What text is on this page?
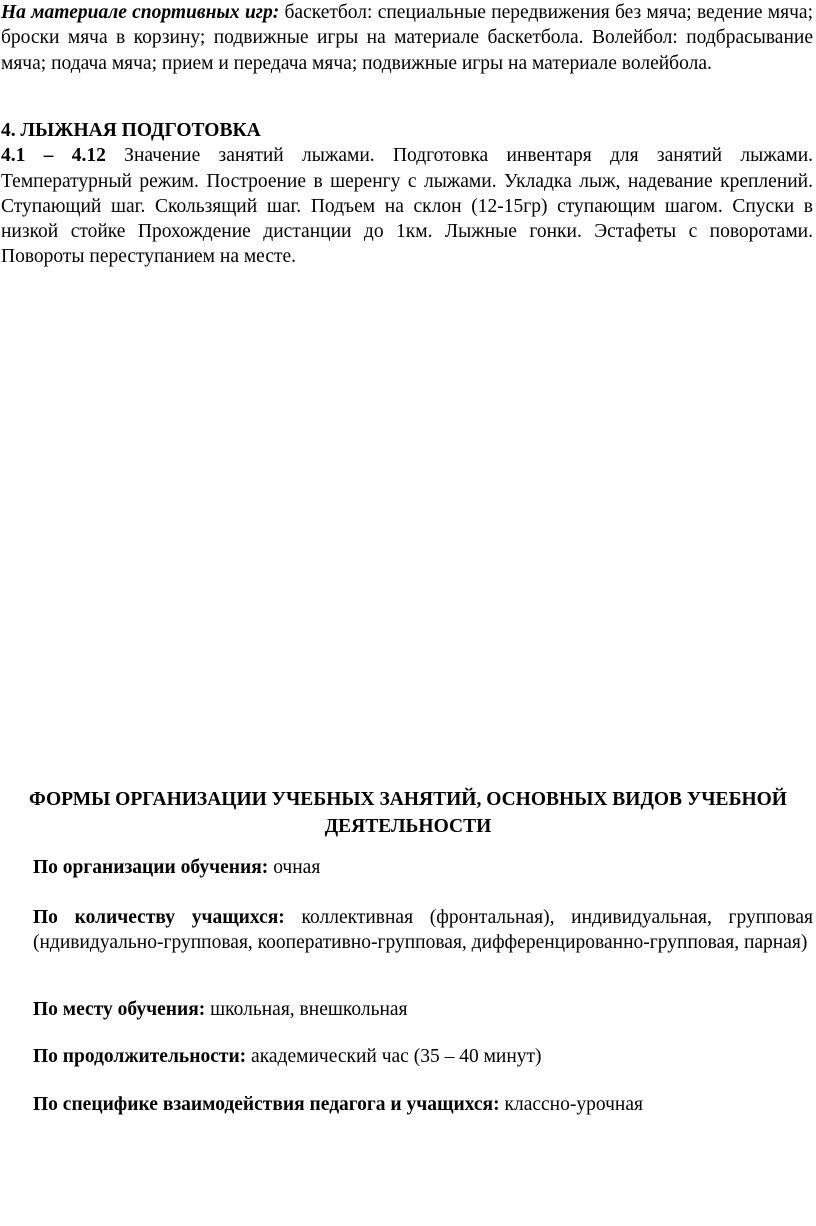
На материале спортивных игр: баскетбол: специальные передвижения без мяча; ведение мяча; броски мяча в корзину; подвижные игры на материале баскетбола. Волейбол: подбрасывание мяча; подача мяча; прием и передача мяча; подвижные игры на материале волейбола.

4. ЛЫЖНАЯ ПОДГОТОВКА

4.1 – 4.12 Значение занятий лыжами. Подготовка инвентаря для занятий лыжами. Температурный режим. Построение в шеренгу с лыжами. Укладка лыж, надевание креплений. Ступающий шаг. Скользящий шаг. Подъем на склон (12-15гр) ступающим шагом. Спуски в низкой стойке Прохождение дистанции до 1км. Лыжные гонки. Эстафеты с поворотами. Повороты переступанием на месте.

ФОРМЫ ОРГАНИЗАЦИИ УЧЕБНЫХ ЗАНЯТИЙ, ОСНОВНЫХ ВИДОВ УЧЕБНОЙ
ДЕЯТЕЛЬНОСТИ

По организации обучения: очная

По количеству учащихся: коллективная (фронтальная), индивидуальная, групповая (ндивидуально-групповая, кооперативно-групповая, дифференцированно-групповая, парная)

По месту обучения: школьная, внешкольная

По продолжительности: академический час (35 – 40 минут)

По специфике взаимодействия педагога и учащихся: классно-урочная
